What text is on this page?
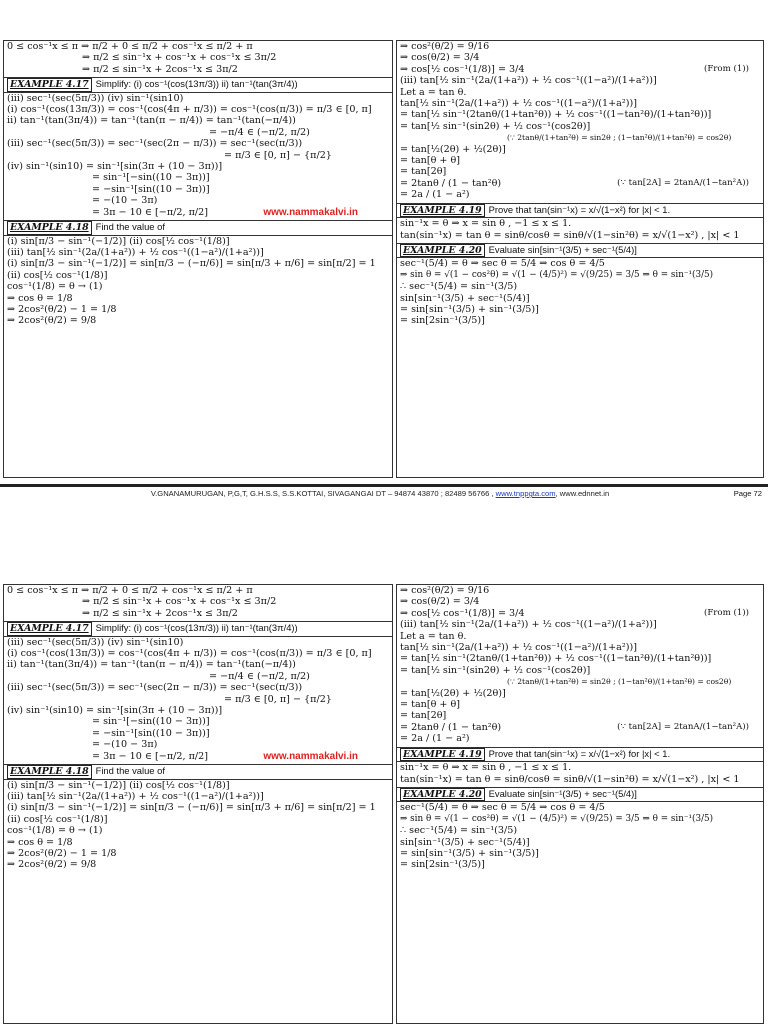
0 ≤ cos⁻¹x ≤ π ⇒ π/2 + 0 ≤ π/2 + cos⁻¹x ≤ π/2 + π
⇒ π/2 ≤ sin⁻¹x + cos⁻¹x + cos⁻¹x ≤ 3π/2
⇒ π/2 ≤ sin⁻¹x + 2cos⁻¹x ≤ 3π/2
EXAMPLE 4.17 Simplify: (i) cos⁻¹(cos(13π/3)) ii) tan⁻¹(tan(3π/4))
(iii) sec⁻¹(sec(5π/3)) (iv) sin⁻¹(sin10)
(i) cos⁻¹(cos(13π/3)) = cos⁻¹(cos(4π + π/3)) = cos⁻¹(cos(π/3)) = π/3 ∈ [0, π]
ii) tan⁻¹(tan(3π/4)) = tan⁻¹(tan(π − π/4)) = tan⁻¹(tan(−π/4))
= −π/4 ∈ (−π/2, π/2)
(iii) sec⁻¹(sec(5π/3)) = sec⁻¹(sec(2π − π/3)) = sec⁻¹(sec(π/3))
= π/3 ∈ [0, π] − {π/2}
(iv) sin⁻¹(sin10) = sin⁻¹[sin(3π + (10 − 3π))]
= sin⁻¹[−sin((10 − 3π))]
= −sin⁻¹[sin((10 − 3π))]
= −(10 − 3π)
= 3π − 10 ∈ [−π/2, π/2]	www.nammakalvi.in
EXAMPLE 4.18 Find the value of
(i) sin[π/3 − sin⁻¹(−1/2)] (ii) cos[½ cos⁻¹(1/8)]
(iii) tan[½ sin⁻¹(2a/(1+a²)) + ½ cos⁻¹((1−a²)/(1+a²))]
(i) sin[π/3 − sin⁻¹(−1/2)] = sin[π/3 − (−π/6)] = sin[π/3 + π/6] = sin[π/2] = 1
(ii) cos[½ cos⁻¹(1/8)]
cos⁻¹(1/8) = θ → (1)
⇒ cos θ = 1/8
⇒ 2cos²(θ/2) − 1 = 1/8
⇒ 2cos²(θ/2) = 9/8
⇒ cos²(θ/2) = 9/16
⇒ cos(θ/2) = 3/4
⇒ cos[½ cos⁻¹(1/8)] = 3/4	(From (1))
(iii) tan[½ sin⁻¹(2a/(1+a²)) + ½ cos⁻¹((1−a²)/(1+a²))]
Let a = tan θ.
tan[½ sin⁻¹(2a/(1+a²)) + ½ cos⁻¹((1−a²)/(1+a²))]
= tan[½ sin⁻¹(2tanθ/(1+tan²θ)) + ½ cos⁻¹((1−tan²θ)/(1+tan²θ))]
= tan[½ sin⁻¹(sin2θ) + ½ cos⁻¹(cos2θ)]
(∵ 2tanθ/(1+tan²θ) = sin2θ ; (1−tan²θ)/(1+tan²θ) = cos2θ)
= tan[½(2θ) + ½(2θ)]
= tan[θ + θ]
= tan[2θ]
= 2tanθ / (1 − tan²θ)	(∵ tan[2A] = 2tanA/(1−tan²A))
= 2a / (1 − a²)
EXAMPLE 4.19 Prove that tan(sin⁻¹x) = x/√(1−x²) for |x| < 1.
sin⁻¹x = θ ⇒ x = sin θ , −1 ≤ x ≤ 1.
tan(sin⁻¹x) = tan θ = sinθ/cosθ = sinθ/√(1−sin²θ) = x/√(1−x²) , |x| < 1
EXAMPLE 4.20 Evaluate sin[sin⁻¹(3/5) + sec⁻¹(5/4)]
sec⁻¹(5/4) = θ ⇒ sec θ = 5/4 ⇒ cos θ = 4/5
⇒ sin θ = √(1 − cos²θ) = √(1 − (4/5)²) = √(9/25) = 3/5 ⇒ θ = sin⁻¹(3/5)
∴ sec⁻¹(5/4) = sin⁻¹(3/5)
sin[sin⁻¹(3/5) + sec⁻¹(5/4)]
= sin[sin⁻¹(3/5) + sin⁻¹(3/5)]
= sin[2sin⁻¹(3/5)]
V.GNANAMURUGAN, P,G,T, G.H.S.S, S.S.KOTTAI, SIVAGANGAI DT – 94874 43870 ; 82489 56766 , www.tnppgta.com, www.ednnet.in	Page 72
0 ≤ cos⁻¹x ≤ π ⇒ π/2 + 0 ≤ π/2 + cos⁻¹x ≤ π/2 + π
⇒ π/2 ≤ sin⁻¹x + cos⁻¹x + cos⁻¹x ≤ 3π/2
⇒ π/2 ≤ sin⁻¹x + 2cos⁻¹x ≤ 3π/2
EXAMPLE 4.17 Simplify: (i) cos⁻¹(cos(13π/3)) ii) tan⁻¹(tan(3π/4))
(iii) sec⁻¹(sec(5π/3)) (iv) sin⁻¹(sin10)
(i) cos⁻¹(cos(13π/3)) = cos⁻¹(cos(4π + π/3)) = cos⁻¹(cos(π/3)) = π/3 ∈ [0, π]
ii) tan⁻¹(tan(3π/4)) = tan⁻¹(tan(π − π/4)) = tan⁻¹(tan(−π/4))
= −π/4 ∈ (−π/2, π/2)
(iii) sec⁻¹(sec(5π/3)) = sec⁻¹(sec(2π − π/3)) = sec⁻¹(sec(π/3))
= π/3 ∈ [0, π] − {π/2}
(iv) sin⁻¹(sin10) = sin⁻¹[sin(3π + (10 − 3π))]
= sin⁻¹[−sin((10 − 3π))]
= −sin⁻¹[sin((10 − 3π))]
= −(10 − 3π)
= 3π − 10 ∈ [−π/2, π/2]	www.nammakalvi.in
EXAMPLE 4.18 Find the value of
(i) sin[π/3 − sin⁻¹(−1/2)] (ii) cos[½ cos⁻¹(1/8)]
(iii) tan[½ sin⁻¹(2a/(1+a²)) + ½ cos⁻¹((1−a²)/(1+a²))]
(i) sin[π/3 − sin⁻¹(−1/2)] = sin[π/3 − (−π/6)] = sin[π/3 + π/6] = sin[π/2] = 1
(ii) cos[½ cos⁻¹(1/8)]
cos⁻¹(1/8) = θ → (1)
⇒ cos θ = 1/8
⇒ 2cos²(θ/2) − 1 = 1/8
⇒ 2cos²(θ/2) = 9/8
⇒ cos²(θ/2) = 9/16
⇒ cos(θ/2) = 3/4
⇒ cos[½ cos⁻¹(1/8)] = 3/4	(From (1))
(iii) tan[½ sin⁻¹(2a/(1+a²)) + ½ cos⁻¹((1−a²)/(1+a²))]
Let a = tan θ.
tan[½ sin⁻¹(2a/(1+a²)) + ½ cos⁻¹((1−a²)/(1+a²))]
= tan[½ sin⁻¹(2tanθ/(1+tan²θ)) + ½ cos⁻¹((1−tan²θ)/(1+tan²θ))]
= tan[½ sin⁻¹(sin2θ) + ½ cos⁻¹(cos2θ)]
(∵ 2tanθ/(1+tan²θ) = sin2θ ; (1−tan²θ)/(1+tan²θ) = cos2θ)
= tan[½(2θ) + ½(2θ)]
= tan[θ + θ]
= tan[2θ]
= 2tanθ / (1 − tan²θ)	(∵ tan[2A] = 2tanA/(1−tan²A))
= 2a / (1 − a²)
EXAMPLE 4.19 Prove that tan(sin⁻¹x) = x/√(1−x²) for |x| < 1.
sin⁻¹x = θ ⇒ x = sin θ , −1 ≤ x ≤ 1.
tan(sin⁻¹x) = tan θ = sinθ/cosθ = sinθ/√(1−sin²θ) = x/√(1−x²) , |x| < 1
EXAMPLE 4.20 Evaluate sin[sin⁻¹(3/5) + sec⁻¹(5/4)]
sec⁻¹(5/4) = θ ⇒ sec θ = 5/4 ⇒ cos θ = 4/5
⇒ sin θ = √(1 − cos²θ) = √(1 − (4/5)²) = √(9/25) = 3/5 ⇒ θ = sin⁻¹(3/5)
∴ sec⁻¹(5/4) = sin⁻¹(3/5)
sin[sin⁻¹(3/5) + sec⁻¹(5/4)]
= sin[sin⁻¹(3/5) + sin⁻¹(3/5)]
= sin[2sin⁻¹(3/5)]
